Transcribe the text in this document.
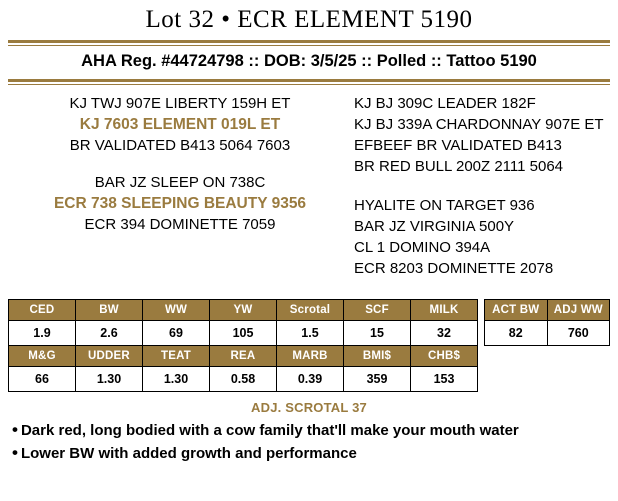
Lot 32 • ECR ELEMENT 5190
AHA Reg. #44724798 :: DOB: 3/5/25 :: Polled :: Tattoo 5190
KJ TWJ 907E LIBERTY 159H ET
KJ 7603 ELEMENT 019L ET
BR VALIDATED B413 5064 7603
BAR JZ SLEEP ON 738C
ECR 738 SLEEPING BEAUTY 9356
ECR 394 DOMINETTE 7059
KJ BJ 309C LEADER 182F
KJ BJ 339A CHARDONNAY 907E ET
EFBEEF BR VALIDATED B413
BR RED BULL 200Z 2111 5064
HYALITE ON TARGET 936
BAR JZ VIRGINIA 500Y
CL 1 DOMINO 394A
ECR 8203 DOMINETTE 2078
CED	BW	WW	YW	Scrotal	SCF	MILK
1.9	2.6	69	105	1.5	15	32
M&G	UDDER	TEAT	REA	MARB	BMI$	CHB$
66	1.30	1.30	0.58	0.39	359	153
ACT BW	ADJ WW
82	760
ADJ. SCROTAL 37
• Dark red, long bodied with a cow family that'll make your mouth water
• Lower BW with added growth and performance
